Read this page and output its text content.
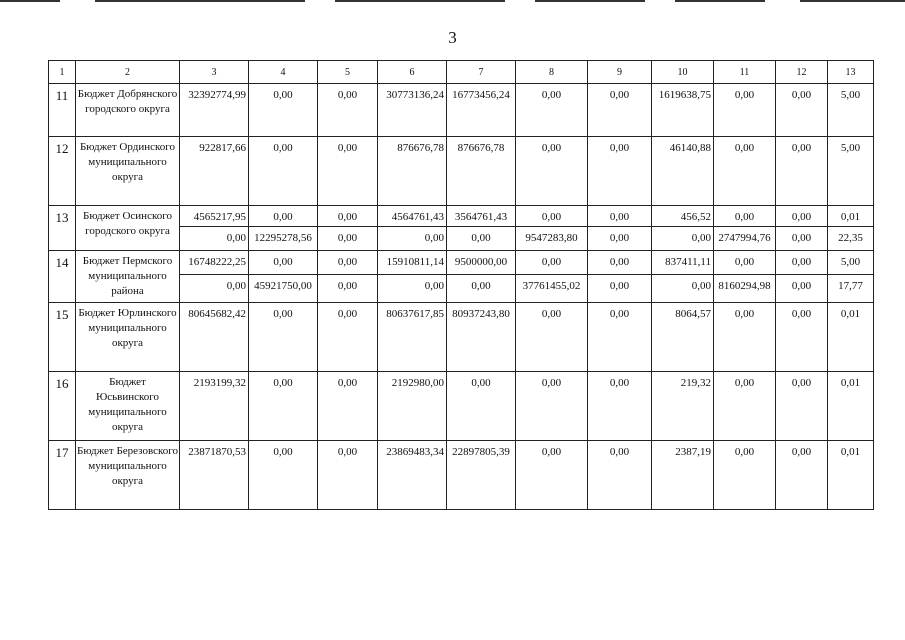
3
1	2	3	4	5	6	7	8	9	10	11	12	13
11	Бюджет Добрянского городского округа	32392774,99	0,00	0,00	30773136,24	16773456,24	0,00	0,00	1619638,75	0,00	0,00	5,00
12	Бюджет Ординского муниципального округа	922817,66	0,00	0,00	876676,78	876676,78	0,00	0,00	46140,88	0,00	0,00	5,00
13	Бюджет Осинского городского округа	4565217,95	0,00	0,00	4564761,43	3564761,43	0,00	0,00	456,52	0,00	0,00	0,01
		0,00	12295278,56	0,00	0,00	0,00	9547283,80	0,00	0,00	2747994,76	0,00	22,35
14	Бюджет Пермского муниципального района	16748222,25	0,00	0,00	15910811,14	9500000,00	0,00	0,00	837411,11	0,00	0,00	5,00
		0,00	45921750,00	0,00	0,00	0,00	37761455,02	0,00	0,00	8160294,98	0,00	17,77
15	Бюджет Юрлинского муниципального округа	80645682,42	0,00	0,00	80637617,85	80937243,80	0,00	0,00	8064,57	0,00	0,00	0,01
16	Бюджет Юсьвинского муниципального округа	2193199,32	0,00	0,00	2192980,00	0,00	0,00	0,00	219,32	0,00	0,00	0,01
17	Бюджет Березовского муниципального округа	23871870,53	0,00	0,00	23869483,34	22897805,39	0,00	0,00	2387,19	0,00	0,00	0,01
